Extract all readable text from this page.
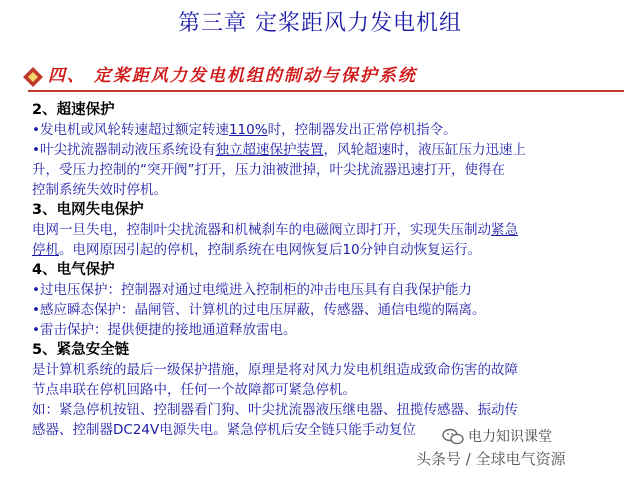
第三章 定桨距风力发电机组
四、 定桨距风力发电机组的制动与保护系统

2、超速保护

•发电机或风轮转速超过额定转速110%时，控制器发出正常停机指令。

•叶尖扰流器制动液压系统设有独立超速保护装置，风轮超速时，液压缸压力迅速上

升，受压力控制的“突开阀”打开，压力油被泄掉，叶尖扰流器迅速打开，使得在

控制系统失效时停机。

3、电网失电保护

电网一旦失电，控制叶尖扰流器和机械刹车的电磁阀立即打开，实现失压制动紧急

停机。电网原因引起的停机，控制系统在电网恢复后10分钟自动恢复运行。

4、电气保护

•过电压保护：控制器对通过电缆进入控制柜的冲击电压具有自我保护能力

•感应瞬态保护：晶闸管、计算机的过电压屏蔽，传感器、通信电缆的隔离。

•雷击保护：提供便捷的接地通道释放雷电。

5、紧急安全链

是计算机系统的最后一级保护措施，原理是将对风力发电机组造成致命伤害的故障

节点串联在停机回路中，任何一个故障都可紧急停机。

如：紧急停机按钮、控制器看门狗、叶尖扰流器液压继电器、扭揽传感器、振动传

感器、控制器DC24V电源失电。紧急停机后安全链只能手动复位	电力知识课堂
头条号 / 全球电气资源
